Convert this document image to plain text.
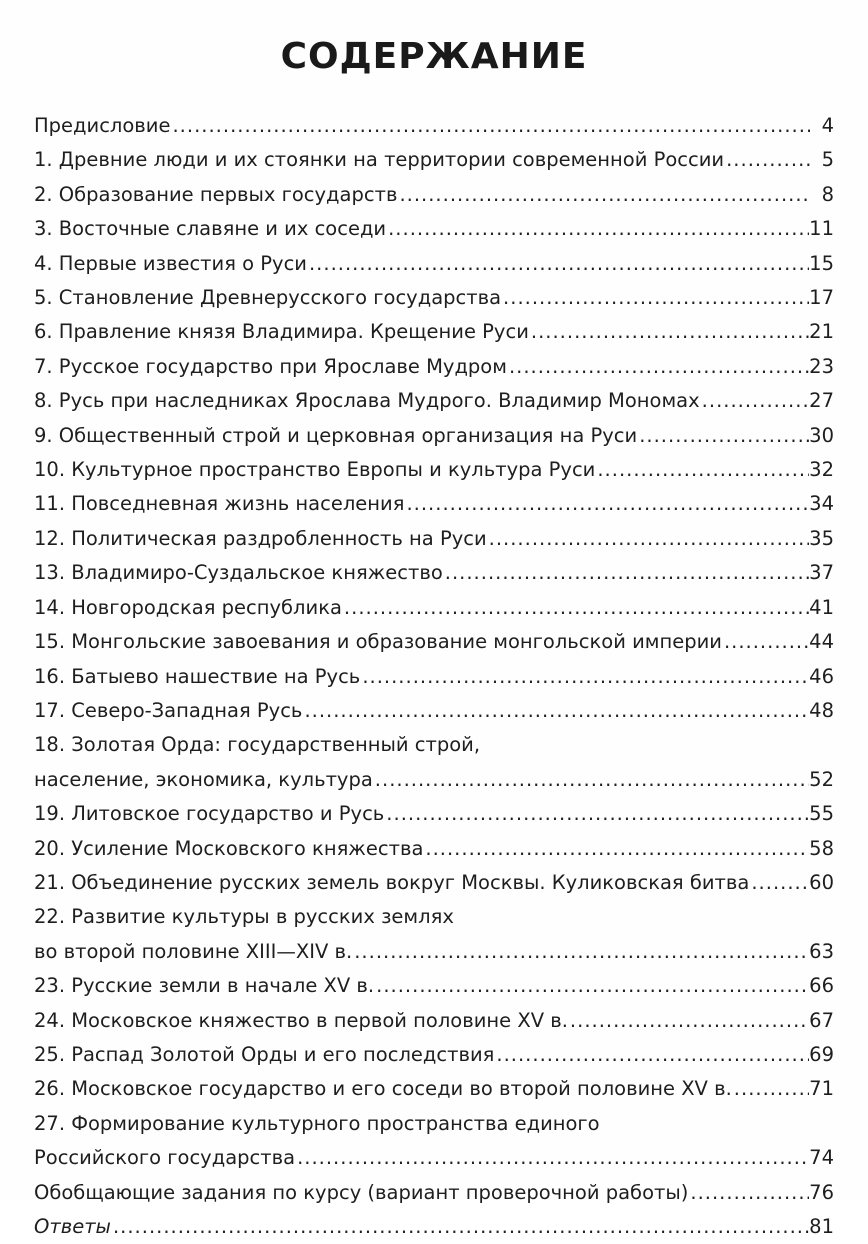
СОДЕРЖАНИЕ
Предисловие .....	4
1. Древние люди и их стоянки на территории современной России .....	5
2. Образование первых государств .....	8
3. Восточные славяне и их соседи .....	11
4. Первые известия о Руси .....	15
5. Становление Древнерусского государства .....	17
6. Правление князя Владимира. Крещение Руси .....	21
7. Русское государство при Ярославе Мудром .....	23
8. Русь при наследниках Ярослава Мудрого. Владимир Мономах .....	27
9. Общественный строй и церковная организация на Руси .....	30
10. Культурное пространство Европы и культура Руси .....	32
11. Повседневная жизнь населения .....	34
12. Политическая раздробленность на Руси .....	35
13. Владимиро-Суздальское княжество .....	37
14. Новгородская республика .....	41
15. Монгольские завоевания и образование монгольской империи .....	44
16. Батыево нашествие на Русь .....	46
17. Северо-Западная Русь .....	48
18. Золотая Орда: государственный строй,
население, экономика, культура .....	52
19. Литовское государство и Русь .....	55
20. Усиление Московского княжества .....	58
21. Объединение русских земель вокруг Москвы. Куликовская битва .....	60
22. Развитие культуры в русских землях
во второй половине XIII—XIV в. .....	63
23. Русские земли в начале XV в. .....	66
24. Московское княжество в первой половине XV в. .....	67
25. Распад Золотой Орды и его последствия .....	69
26. Московское государство и его соседи во второй половине XV в. .....	71
27. Формирование культурного пространства единого
Российского государства .....	74
Обобщающие задания по курсу (вариант проверочной работы) .....	76
Ответы .....	81
